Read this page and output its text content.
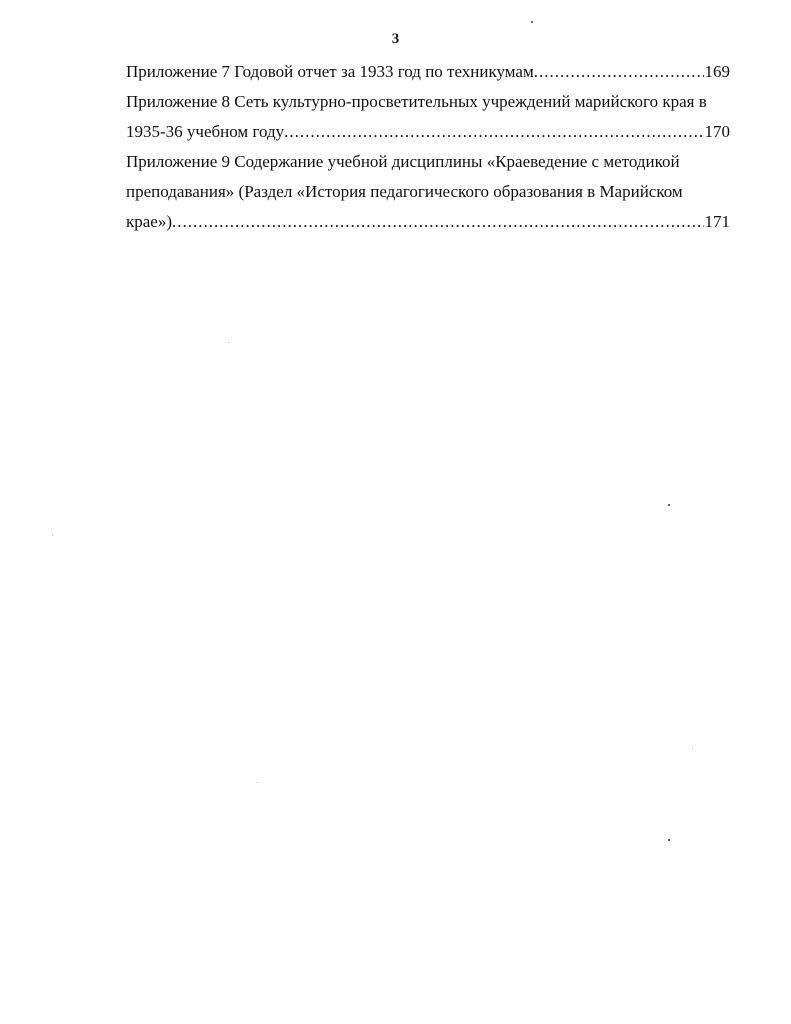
3
Приложение 7 Годовой отчет за 1933 год по техникумам .....	169
Приложение 8 Сеть культурно-просветительных учреждений марийского края в
1935-36 учебном году .....	170
Приложение 9 Содержание учебной дисциплины «Краеведение с методикой
преподавания» (Раздел «История педагогического образования в Марийском
крае») .....	171
